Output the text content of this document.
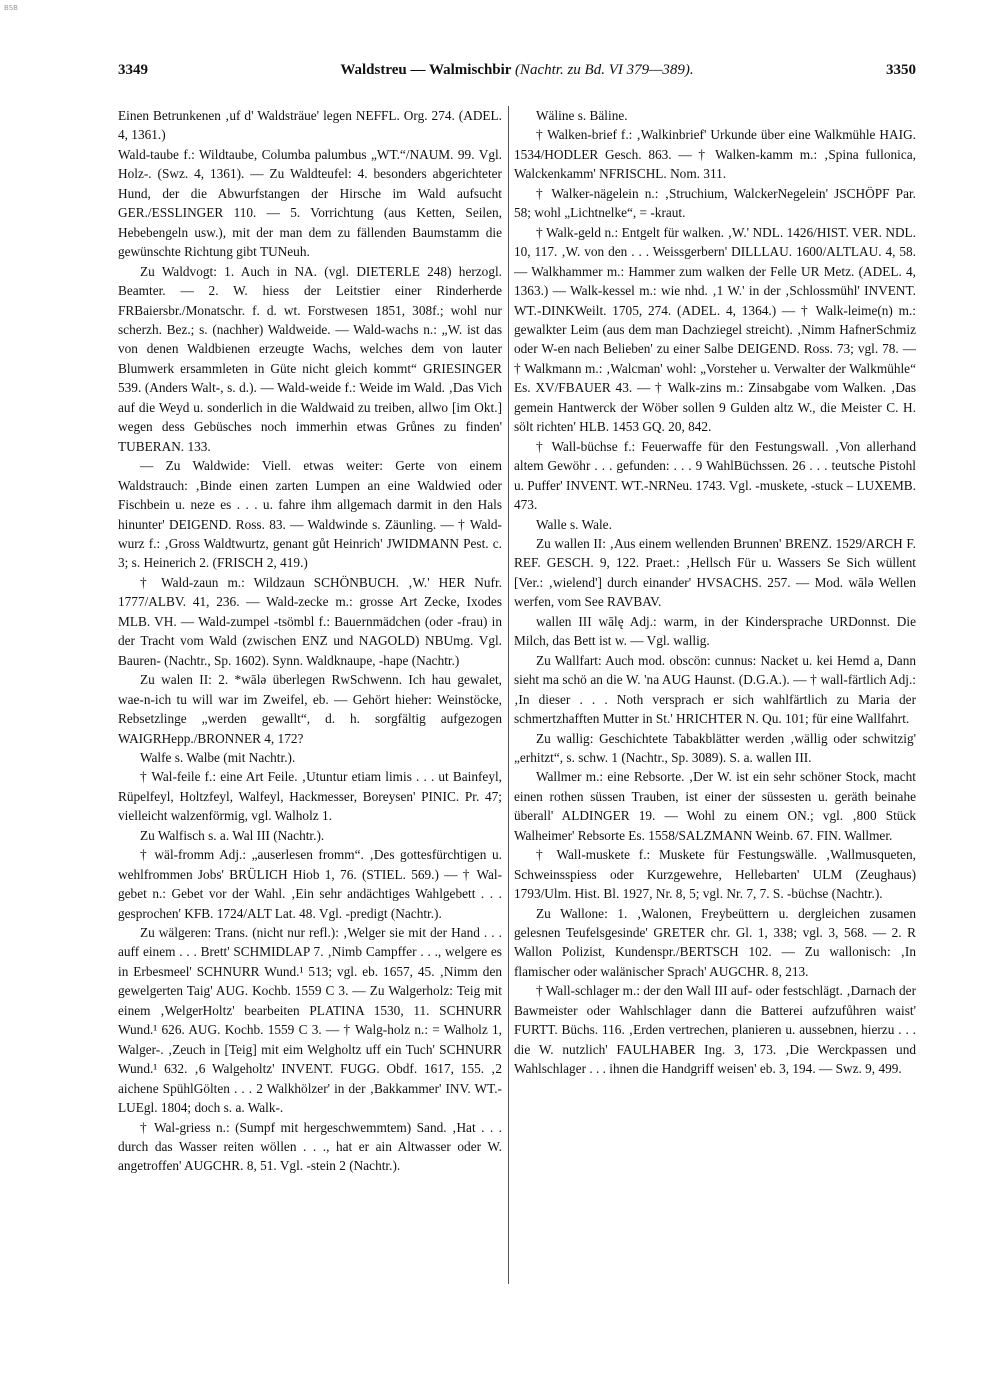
BSB
3349	Waldstreu — Walmischbir (Nachtr. zu Bd. VI 379—389).	3350

Einen Betrunkenen ‚uf d' Waldsträue' legen NEFFL. Org. 274. (ADEL. 4, 1361.)

Wald-taube f.: Wildtaube, Columba palumbus „WT.“/NAUM. 99. Vgl. Holz-. (Swz. 4, 1361). — Zu Waldteufel: 4. besonders abgerichteter Hund, der die Abwurfstangen der Hirsche im Wald aufsucht GER./ESSLINGER 110. — 5. Vorrichtung (aus Ketten, Seilen, Hebebengeln usw.), mit der man dem zu fällenden Baumstamm die gewünschte Richtung gibt TUNeuh.

Zu Waldvogt: 1. Auch in NA. (vgl. DIETERLE 248) herzogl. Beamter. — 2. W. hiess der Leitstier einer Rinderherde FRBaiersbr./Monatschr. f. d. wt. Forstwesen 1851, 308f.; wohl nur scherzh. Bez.; s. (nachher) Waldweide. — Wald-wachs n.: „W. ist das von denen Waldbienen erzeugte Wachs, welches dem von lauter Blumwerk ersammleten in Güte nicht gleich kommt“ GRIESINGER 539. (Anders Walt-, s. d.). — Wald-weide f.: Weide im Wald. ‚Das Vich auf die Weyd u. sonderlich in die Waldwaid zu treiben, allwo [im Okt.] wegen dess Gebüsches noch immerhin etwas Grůnes zu finden' TUBERAN. 133.

— Zu Waldwide: Viell. etwas weiter: Gerte von einem Waldstrauch: ‚Binde einen zarten Lumpen an eine Waldwied oder Fischbein u. neze es . . . u. fahre ihm allgemach darmit in den Hals hinunter' DEIGEND. Ross. 83. — Waldwinde s. Zäunling. — † Wald-wurz f.: ‚Gross Waldtwurtz, genant gůt Heinrich' JWIDMANN Pest. c. 3; s. Heinerich 2. (FRISCH 2, 419.)

† Wald-zaun m.: Wildzaun SCHÖNBUCH. ‚W.' HER Nufr. 1777/ALBV. 41, 236. — Wald-zecke m.: grosse Art Zecke, Ixodes MLB. VH. — Wald-zumpel -tsömbl f.: Bauernmädchen (oder -frau) in der Tracht vom Wald (zwischen ENZ und NAGOLD) NBUmg. Vgl. Bauren- (Nachtr., Sp. 1602). Synn. Waldknaupe, -hape (Nachtr.)

Zu walen II: 2. *wālə überlegen RwSchwenn. Ich hau gewalet, wae-n-ich tu will war im Zweifel, eb. — Gehört hieher: Weinstöcke, Rebsetzlinge „werden gewallt“, d. h. sorgfältig aufgezogen WAIGRHepp./BRONNER 4, 172?

Walfe s. Walbe (mit Nachtr.).

† Wal-feile f.: eine Art Feile. ‚Utuntur etiam limis . . . ut Bainfeyl, Rüpelfeyl, Holtzfeyl, Walfeyl, Hackmesser, Boreysen' PINIC. Pr. 47; vielleicht walzenförmig, vgl. Walholz 1.

Zu Walfisch s. a. Wal III (Nachtr.).

† wäl-fromm Adj.: „auserlesen fromm“. ‚Des gottesfürchtigen u. wehlfrommen Jobs' BRÜLICH Hiob 1, 76. (STIEL. 569.) — † Wal-gebet n.: Gebet vor der Wahl. ‚Ein sehr andächtiges Wahlgebett . . . gesprochen' KFB. 1724/ALT Lat. 48. Vgl. -predigt (Nachtr.).

Zu wälgeren: Trans. (nicht nur refl.): ‚Welger sie mit der Hand . . . auff einem . . . Brett' SCHMIDLAP 7. ‚Nimb Campffer . . ., welgere es in Erbesmeel' SCHNURR Wund.¹ 513; vgl. eb. 1657, 45. ‚Nimm den gewelgerten Taig' AUG. Kochb. 1559 C 3. — Zu Walgerholz: Teig mit einem ‚WelgerHoltz' bearbeiten PLATINA 1530, 11. SCHNURR Wund.¹ 626. AUG. Kochb. 1559 C 3. — † Walg-holz n.: = Walholz 1, Walger-. ‚Zeuch in [Teig] mit eim Welgholtz uff ein Tuch' SCHNURR Wund.¹ 632. ‚6 Walgeholtz' INVENT. FUGG. Obdf. 1617, 155. ‚2 aichene SpühlGölten . . . 2 Walkhölzer' in der ‚Bakkammer' INV. WT.-LUEgl. 1804; doch s. a. Walk-.

† Wal-griess n.: (Sumpf mit hergeschwemmtem) Sand. ‚Hat . . . durch das Wasser reiten wöllen . . ., hat er ain Altwasser oder W. angetroffen' AUGCHR. 8, 51. Vgl. -stein 2 (Nachtr.).

Wäline s. Bäline.

† Walken-brief f.: ‚Walkinbrief' Urkunde über eine Walkmühle HAIG. 1534/HODLER Gesch. 863. — † Walken-kamm m.: ‚Spina fullonica, Walckenkamm' NFRISCHL. Nom. 311.

† Walker-nägelein n.: ‚Struchium, WalckerNegelein' JSCHÖPF Par. 58; wohl „Lichtnelke“, = -kraut.

† Walk-geld n.: Entgelt für walken. ‚W.' NDL. 1426/HIST. VER. NDL. 10, 117. ‚W. von den . . . Weissgerbern' DILLLAU. 1600/ALTLAU. 4, 58. — Walkhammer m.: Hammer zum walken der Felle UR Metz. (ADEL. 4, 1363.) — Walk-kessel m.: wie nhd. ‚1 W.' in der ‚Schlossmühl' INVENT. WT.-DINKWeilt. 1705, 274. (ADEL. 4, 1364.) — † Walk-leime(n) m.: gewalkter Leim (aus dem man Dachziegel streicht). ‚Nimm HafnerSchmiz oder W-en nach Belieben' zu einer Salbe DEIGEND. Ross. 73; vgl. 78. — † Walkmann m.: ‚Walcman' wohl: „Vorsteher u. Verwalter der Walkmühle“ Es. XV/FBAUER 43. — † Walk-zins m.: Zinsabgabe vom Walken. ‚Das gemein Hantwerck der Wöber sollen 9 Gulden altz W., die Meister C. H. sölt richten' HLB. 1453 GQ. 20, 842.

† Wall-büchse f.: Feuerwaffe für den Festungswall. ‚Von allerhand altem Gewöhr . . . gefunden: . . . 9 WahlBüchssen. 26 . . . teutsche Pistohl u. Puffer' INVENT. WT.-NRNeu. 1743. Vgl. -muskete, -stuck – LUXEMB. 473.

Walle s. Wale.

Zu wallen II: ‚Aus einem wellenden Brunnen' BRENZ. 1529/ARCH F. REF. GESCH. 9, 122. Praet.: ‚Hellsch Für u. Wassers Se Sich wüllent [Ver.: ‚wielend'] durch einander' HVSACHS. 257. — Mod. wālə Wellen werfen, vom See RAVBAV.

wallen III wālę Adj.: warm, in der Kindersprache URDonnst. Die Milch, das Bett ist w. — Vgl. wallig.

Zu Wallfart: Auch mod. obscön: cunnus: Nacket u. kei Hemd a, Dann sieht ma schö an die W. 'na AUG Haunst. (D.G.A.). — † wall-färtlich Adj.: ‚In dieser . . . Noth versprach er sich wahlfärtlich zu Maria der schmertzhafften Mutter in St.' HRICHTER N. Qu. 101; für eine Wallfahrt.

Zu wallig: Geschichtete Tabakblätter werden ‚wällig oder schwitzig' „erhitzt“, s. schw. 1 (Nachtr., Sp. 3089). S. a. wallen III.

Wallmer m.: eine Rebsorte. ‚Der W. ist ein sehr schöner Stock, macht einen rothen süssen Trauben, ist einer der süssesten u. geräth beinahe überall' ALDINGER 19. — Wohl zu einem ON.; vgl. ‚800 Stück Walheimer' Rebsorte Es. 1558/SALZMANN Weinb. 67. FIN. Wallmer.

† Wall-muskete f.: Muskete für Festungswälle. ‚Wallmusqueten, Schweinsspiess oder Kurzgewehre, Hellebarten' ULM (Zeughaus) 1793/Ulm. Hist. Bl. 1927, Nr. 8, 5; vgl. Nr. 7, 7. S. -büchse (Nachtr.).

Zu Wallone: 1. ‚Walonen, Freybeüttern u. dergleichen zusamen gelesnen Teufelsgesinde' GRETER chr. Gl. 1, 338; vgl. 3, 568. — 2. R Wallon Polizist, Kundenspr./BERTSCH 102. — Zu wallonisch: ‚In flamischer oder walänischer Sprach' AUGCHR. 8, 213.

† Wall-schlager m.: der den Wall III auf- oder festschlägt. ‚Darnach der Bawmeister oder Wahlschlager dann die Batterei aufzufůhren waist' FURTT. Büchs. 116. ‚Erden vertrechen, planieren u. aussebnen, hierzu . . . die W. nutzlich' FAULHABER Ing. 3, 173. ‚Die Werckpassen und Wahlschlager . . . ihnen die Handgriff weisen' eb. 3, 194. — Swz. 9, 499.
